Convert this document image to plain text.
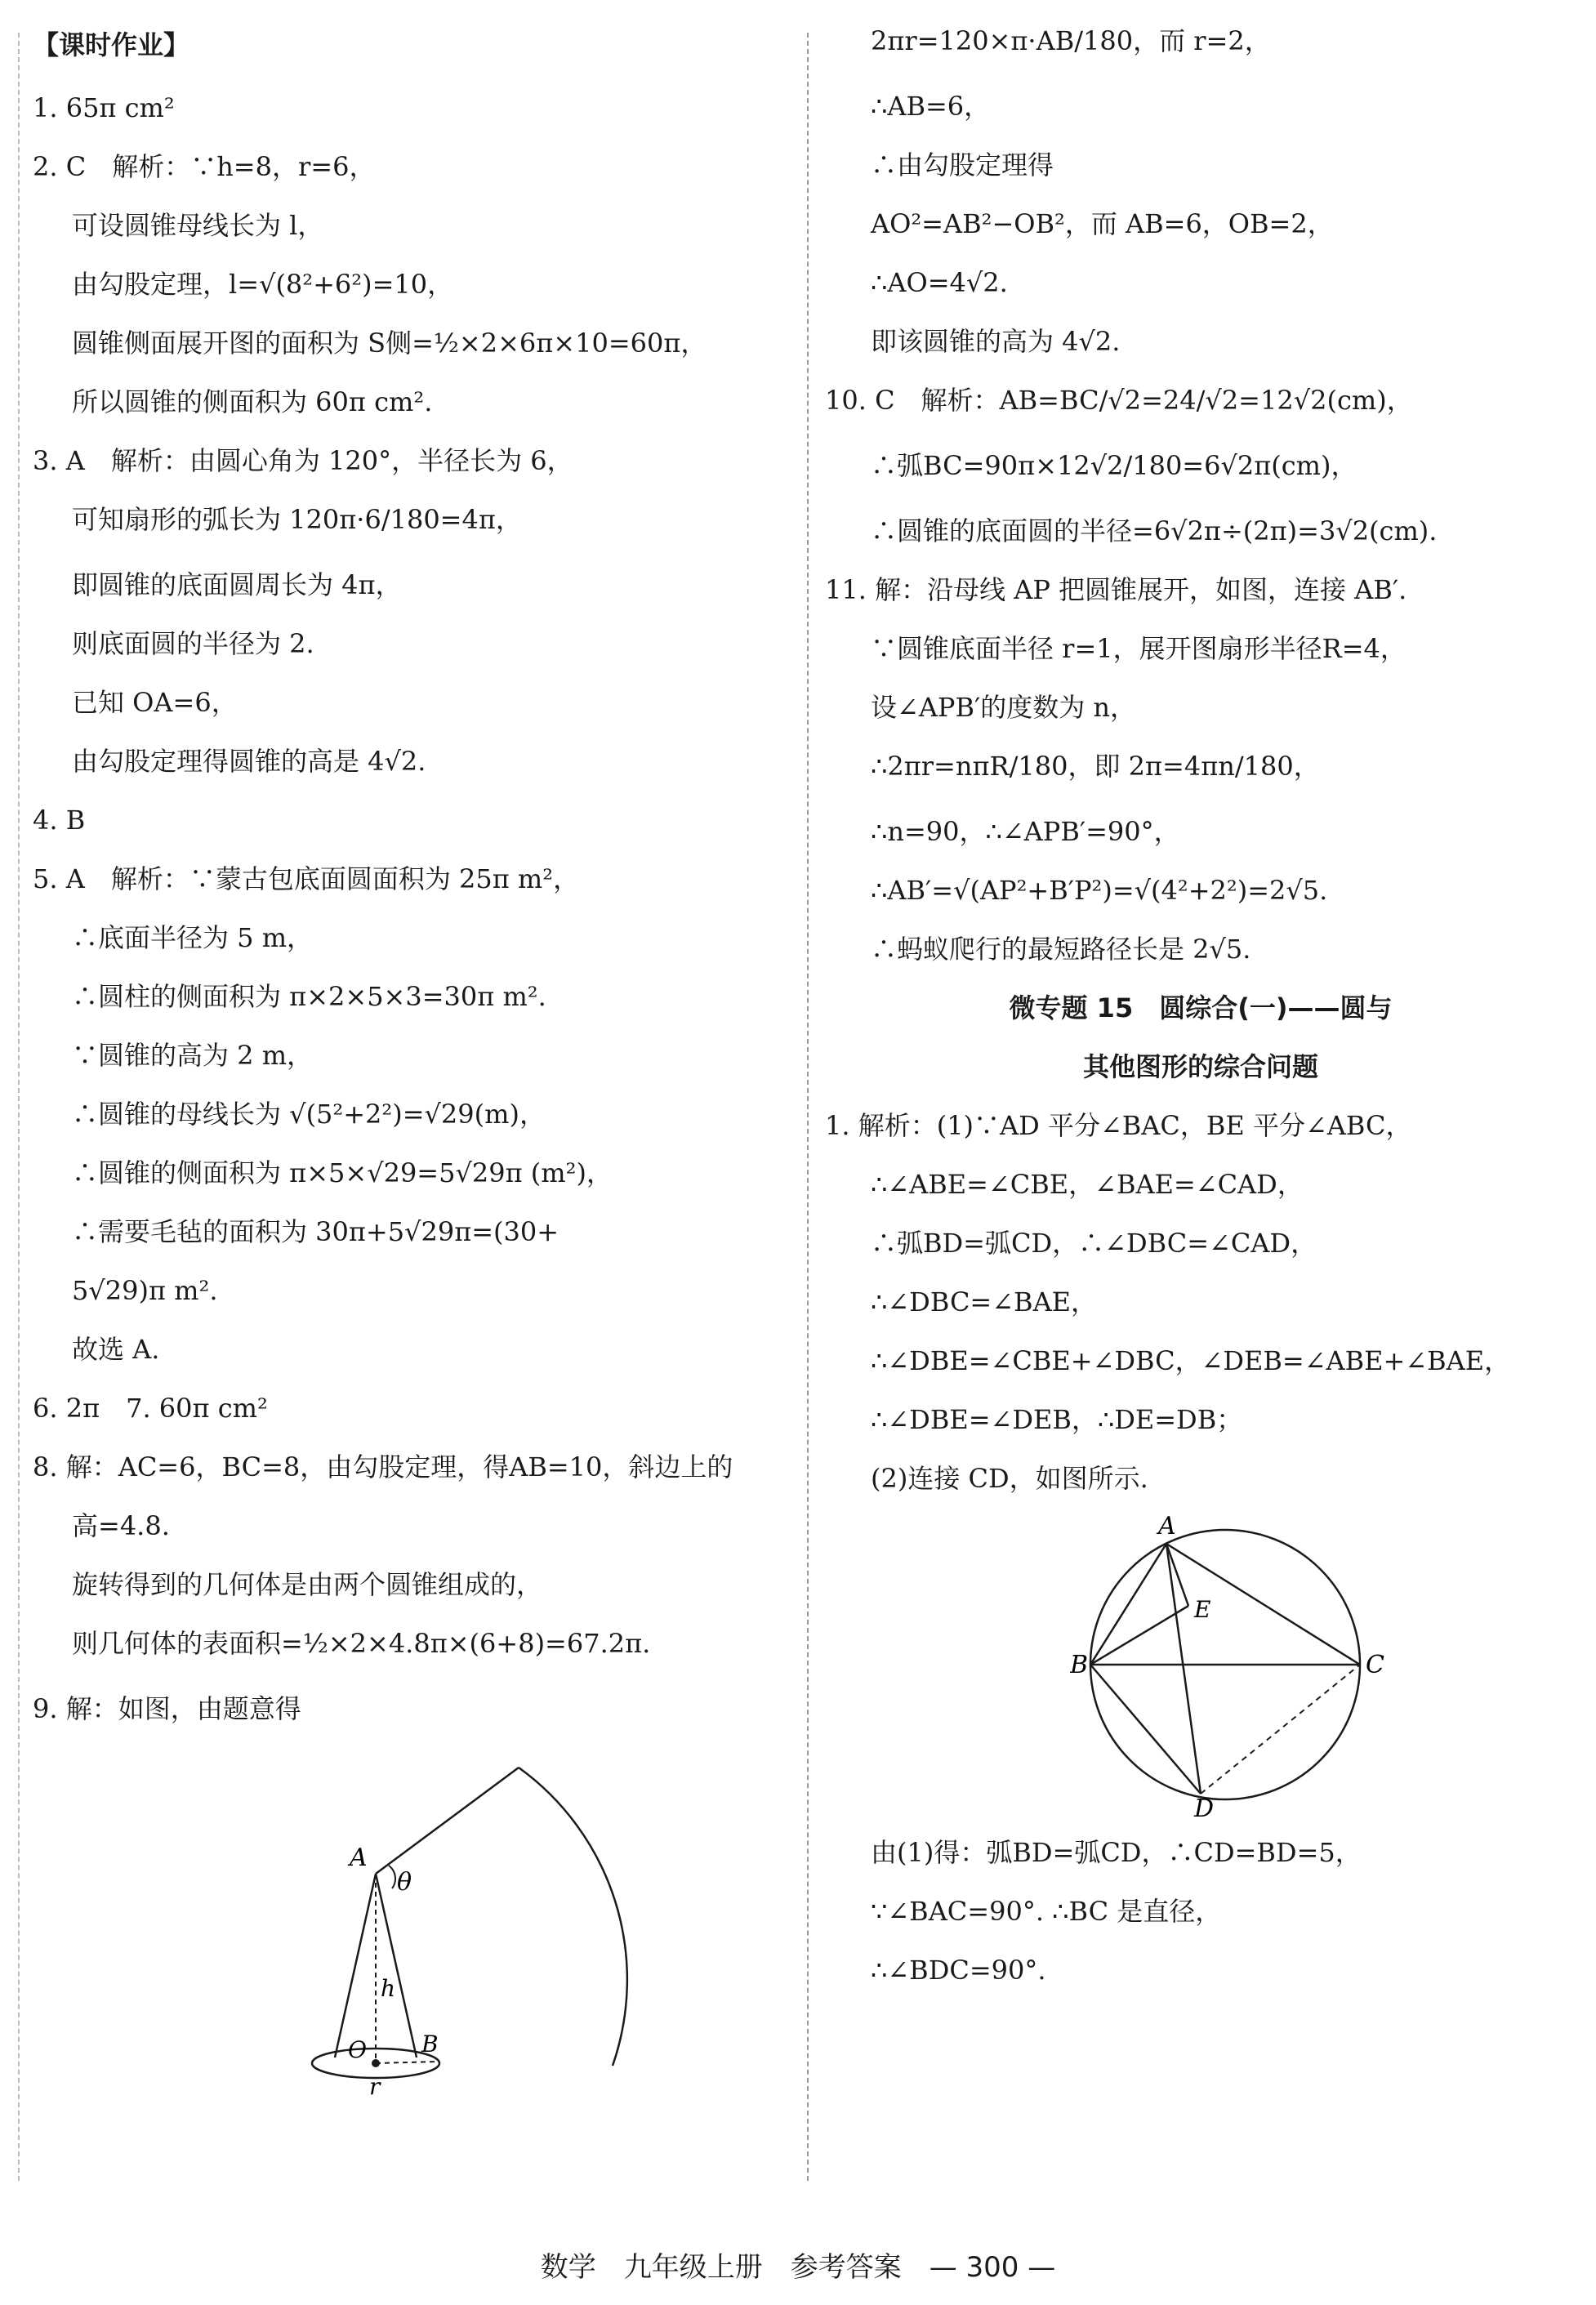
【课时作业】
1. 65π cm²
2. C　解析：∵h=8，r=6，
可设圆锥母线长为 l，
由勾股定理，l=√(8²+6²)=10，
圆锥侧面展开图的面积为 S侧=½×2×6π×10=60π，
所以圆锥的侧面积为 60π cm².
3. A　解析：由圆心角为 120°，半径长为 6，
可知扇形的弧长为 120π·6/180=4π，
即圆锥的底面圆周长为 4π，
则底面圆的半径为 2.
已知 OA=6，
由勾股定理得圆锥的高是 4√2.
4. B
5. A　解析：∵蒙古包底面圆面积为 25π m²，
∴底面半径为 5 m，
∴圆柱的侧面积为 π×2×5×3=30π m².
∵圆锥的高为 2 m，
∴圆锥的母线长为 √(5²+2²)=√29(m)，
∴圆锥的侧面积为 π×5×√29=5√29π (m²)，
∴需要毛毡的面积为 30π+5√29π=(30+
5√29)π m².
故选 A.
6. 2π　7. 60π cm²
8. 解：AC=6，BC=8，由勾股定理，得AB=10，斜边上的
高=4.8.
旋转得到的几何体是由两个圆锥组成的，
则几何体的表面积=½×2×4.8π×(6+8)=67.2π.
9. 解：如图，由题意得
A
θ
h
O B
r
2πr=120×π·AB/180，而 r=2，
∴AB=6，
∴由勾股定理得
AO²=AB²−OB²，而 AB=6，OB=2，
∴AO=4√2.
即该圆锥的高为 4√2.
10. C　解析：AB=BC/√2=24/√2=12√2(cm)，
∴弧BC=90π×12√2/180=6√2π(cm)，
∴圆锥的底面圆的半径=6√2π÷(2π)=3√2(cm).
11. 解：沿母线 AP 把圆锥展开，如图，连接 AB′.
∵圆锥底面半径 r=1，展开图扇形半径R=4，
设∠APB′的度数为 n，
∴2πr=nπR/180，即 2π=4πn/180，
∴n=90，∴∠APB′=90°，
∴AB′=√(AP²+B′P²)=√(4²+2²)=2√5.
∴蚂蚁爬行的最短路径长是 2√5.
微专题 15　圆综合(一)——圆与
其他图形的综合问题
1. 解析：(1)∵AD 平分∠BAC，BE 平分∠ABC，
∴∠ABE=∠CBE，∠BAE=∠CAD，
∴弧BD=弧CD，∴∠DBC=∠CAD，
∴∠DBC=∠BAE，
∴∠DBE=∠CBE+∠DBC，∠DEB=∠ABE+∠BAE，
∴∠DBE=∠DEB，∴DE=DB；
(2)连接 CD，如图所示.
A
E
B	C
D
由(1)得：弧BD=弧CD，∴CD=BD=5，
∵∠BAC=90°. ∴BC 是直径，
∴∠BDC=90°.
数学　九年级上册　参考答案　— 300 —
